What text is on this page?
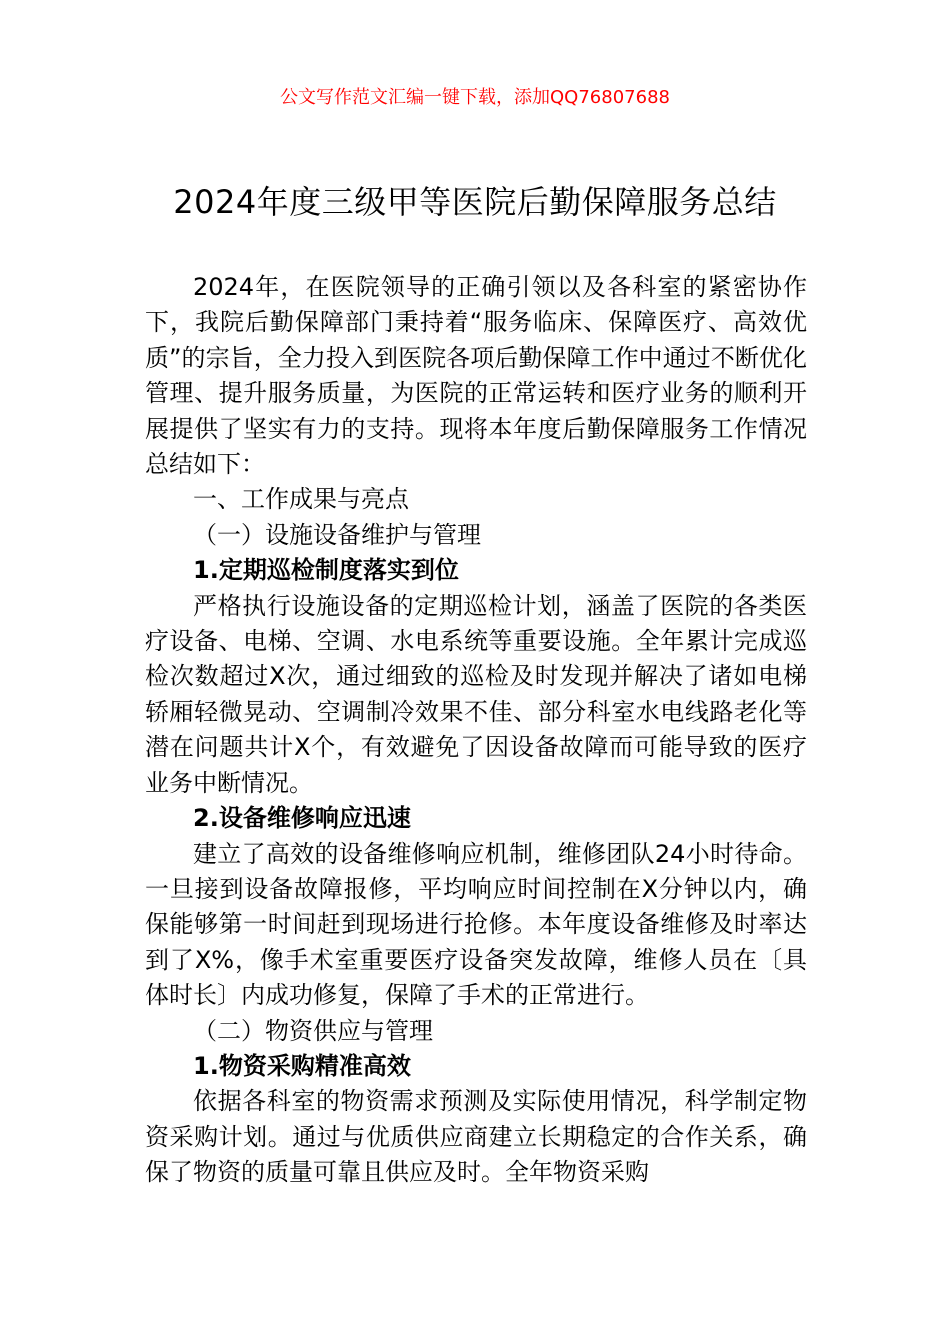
公文写作范文汇编一键下载，添加QQ76807688
2024年度三级甲等医院后勤保障服务总结

2024年，在医院领导的正确引领以及各科室的紧密协作下，我院后勤保障部门秉持着“服务临床、保障医疗、高效优质”的宗旨，全力投入到医院各项后勤保障工作中通过不断优化管理、提升服务质量，为医院的正常运转和医疗业务的顺利开展提供了坚实有力的支持。现将本年度后勤保障服务工作情况总结如下：

一、工作成果与亮点

（一）设施设备维护与管理

1.定期巡检制度落实到位

严格执行设施设备的定期巡检计划，涵盖了医院的各类医疗设备、电梯、空调、水电系统等重要设施。全年累计完成巡检次数超过X次，通过细致的巡检及时发现并解决了诸如电梯轿厢轻微晃动、空调制冷效果不佳、部分科室水电线路老化等潜在问题共计X个，有效避免了因设备故障而可能导致的医疗业务中断情况。

2.设备维修响应迅速

建立了高效的设备维修响应机制，维修团队24小时待命。一旦接到设备故障报修，平均响应时间控制在X分钟以内，确保能够第一时间赶到现场进行抢修。本年度设备维修及时率达到了X%，像手术室重要医疗设备突发故障，维修人员在〔具体时长〕内成功修复，保障了手术的正常进行。

（二）物资供应与管理

1.物资采购精准高效

依据各科室的物资需求预测及实际使用情况，科学制定物资采购计划。通过与优质供应商建立长期稳定的合作关系，确保了物资的质量可靠且供应及时。全年物资采购
